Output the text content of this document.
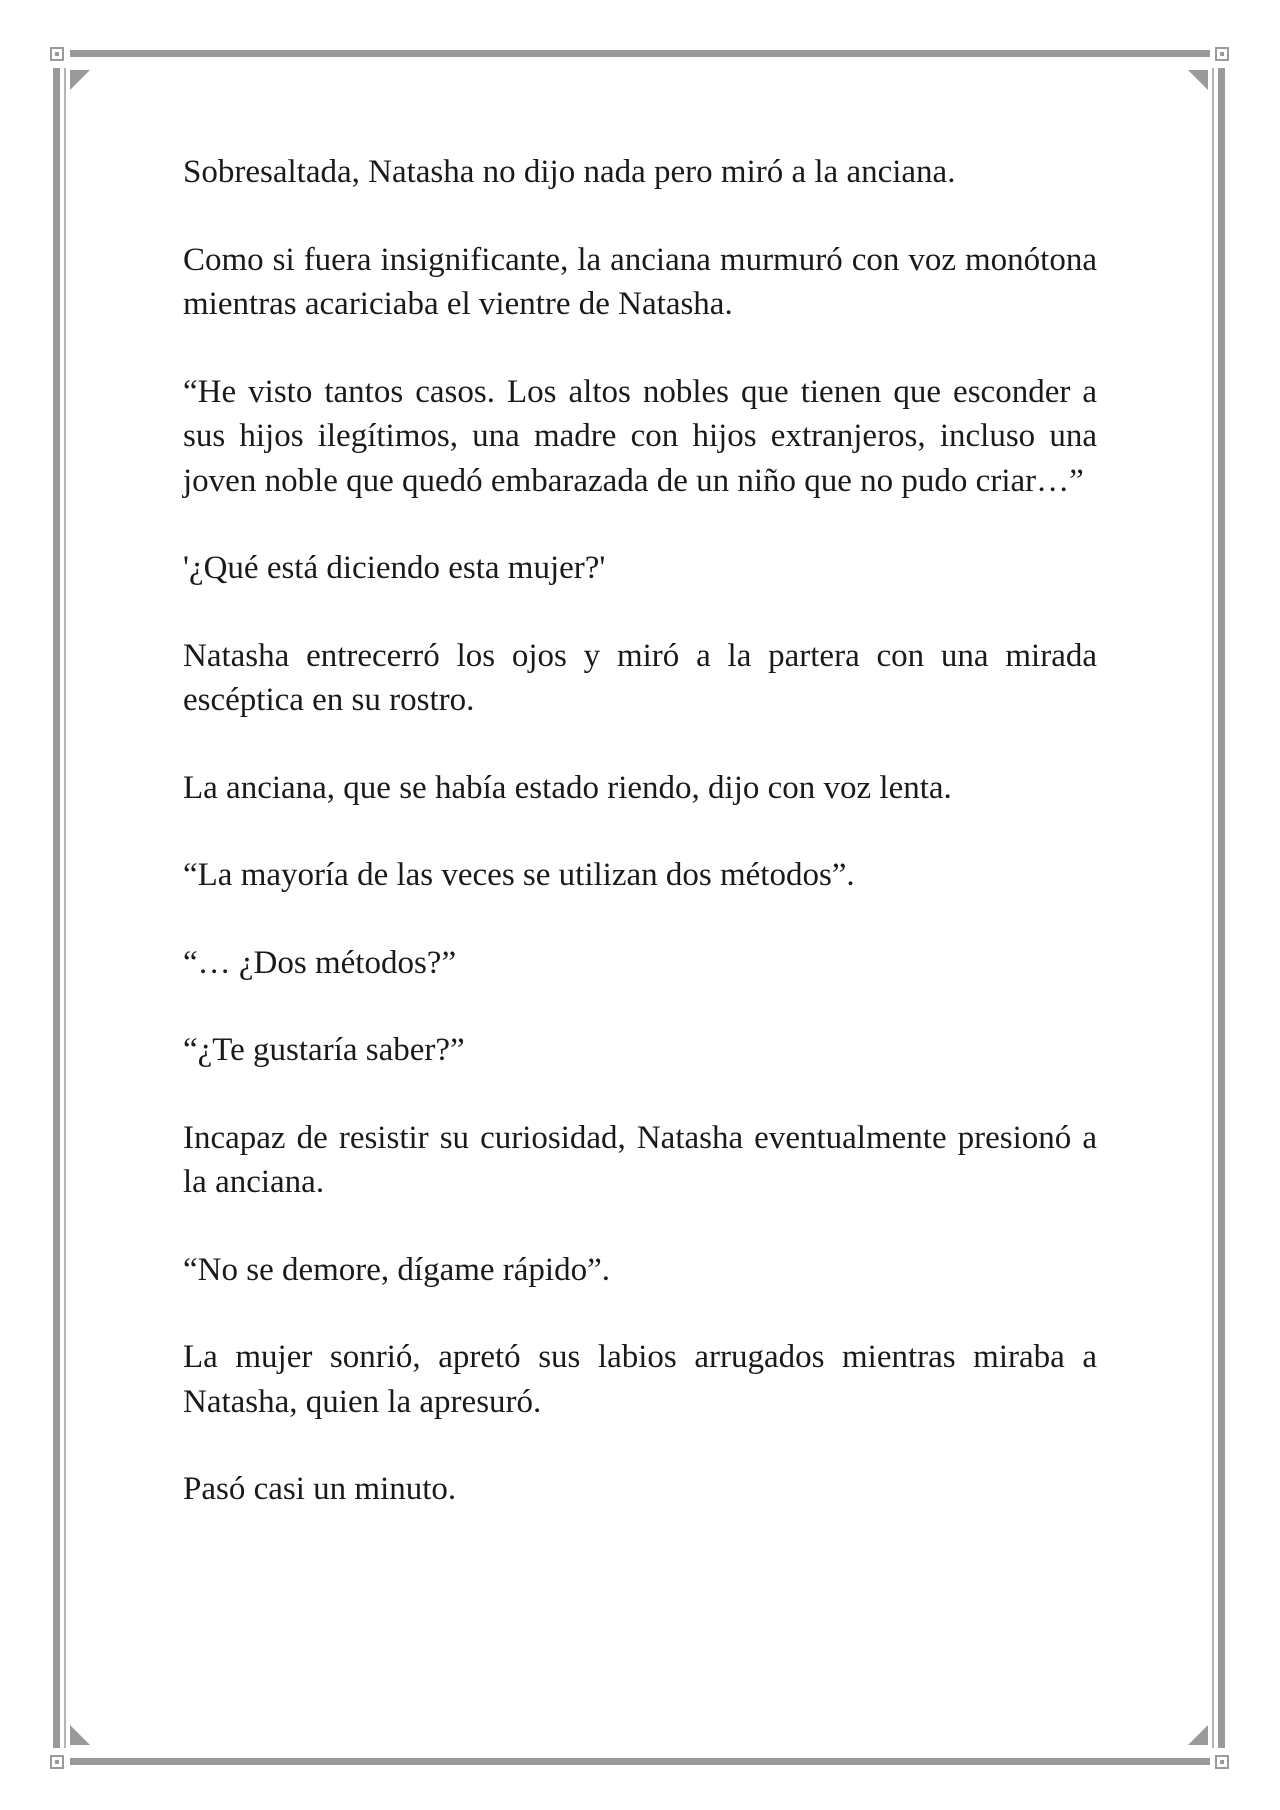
Sobresaltada, Natasha no dijo nada pero miró a la anciana.

Como si fuera insignificante, la anciana murmuró con voz monótona mientras acariciaba el vientre de Natasha.

“He visto tantos casos. Los altos nobles que tienen que esconder a sus hijos ilegítimos, una madre con hijos extranjeros, incluso una joven noble que quedó embarazada de un niño que no pudo criar…”

'¿Qué está diciendo esta mujer?'

Natasha entrecerró los ojos y miró a la partera con una mirada escéptica en su rostro.

La anciana, que se había estado riendo, dijo con voz lenta.

“La mayoría de las veces se utilizan dos métodos”.

“… ¿Dos métodos?”

“¿Te gustaría saber?”

Incapaz de resistir su curiosidad, Natasha eventualmente presionó a la anciana.

“No se demore, dígame rápido”.

La mujer sonrió, apretó sus labios arrugados mientras miraba a Natasha, quien la apresuró.

Pasó casi un minuto.
